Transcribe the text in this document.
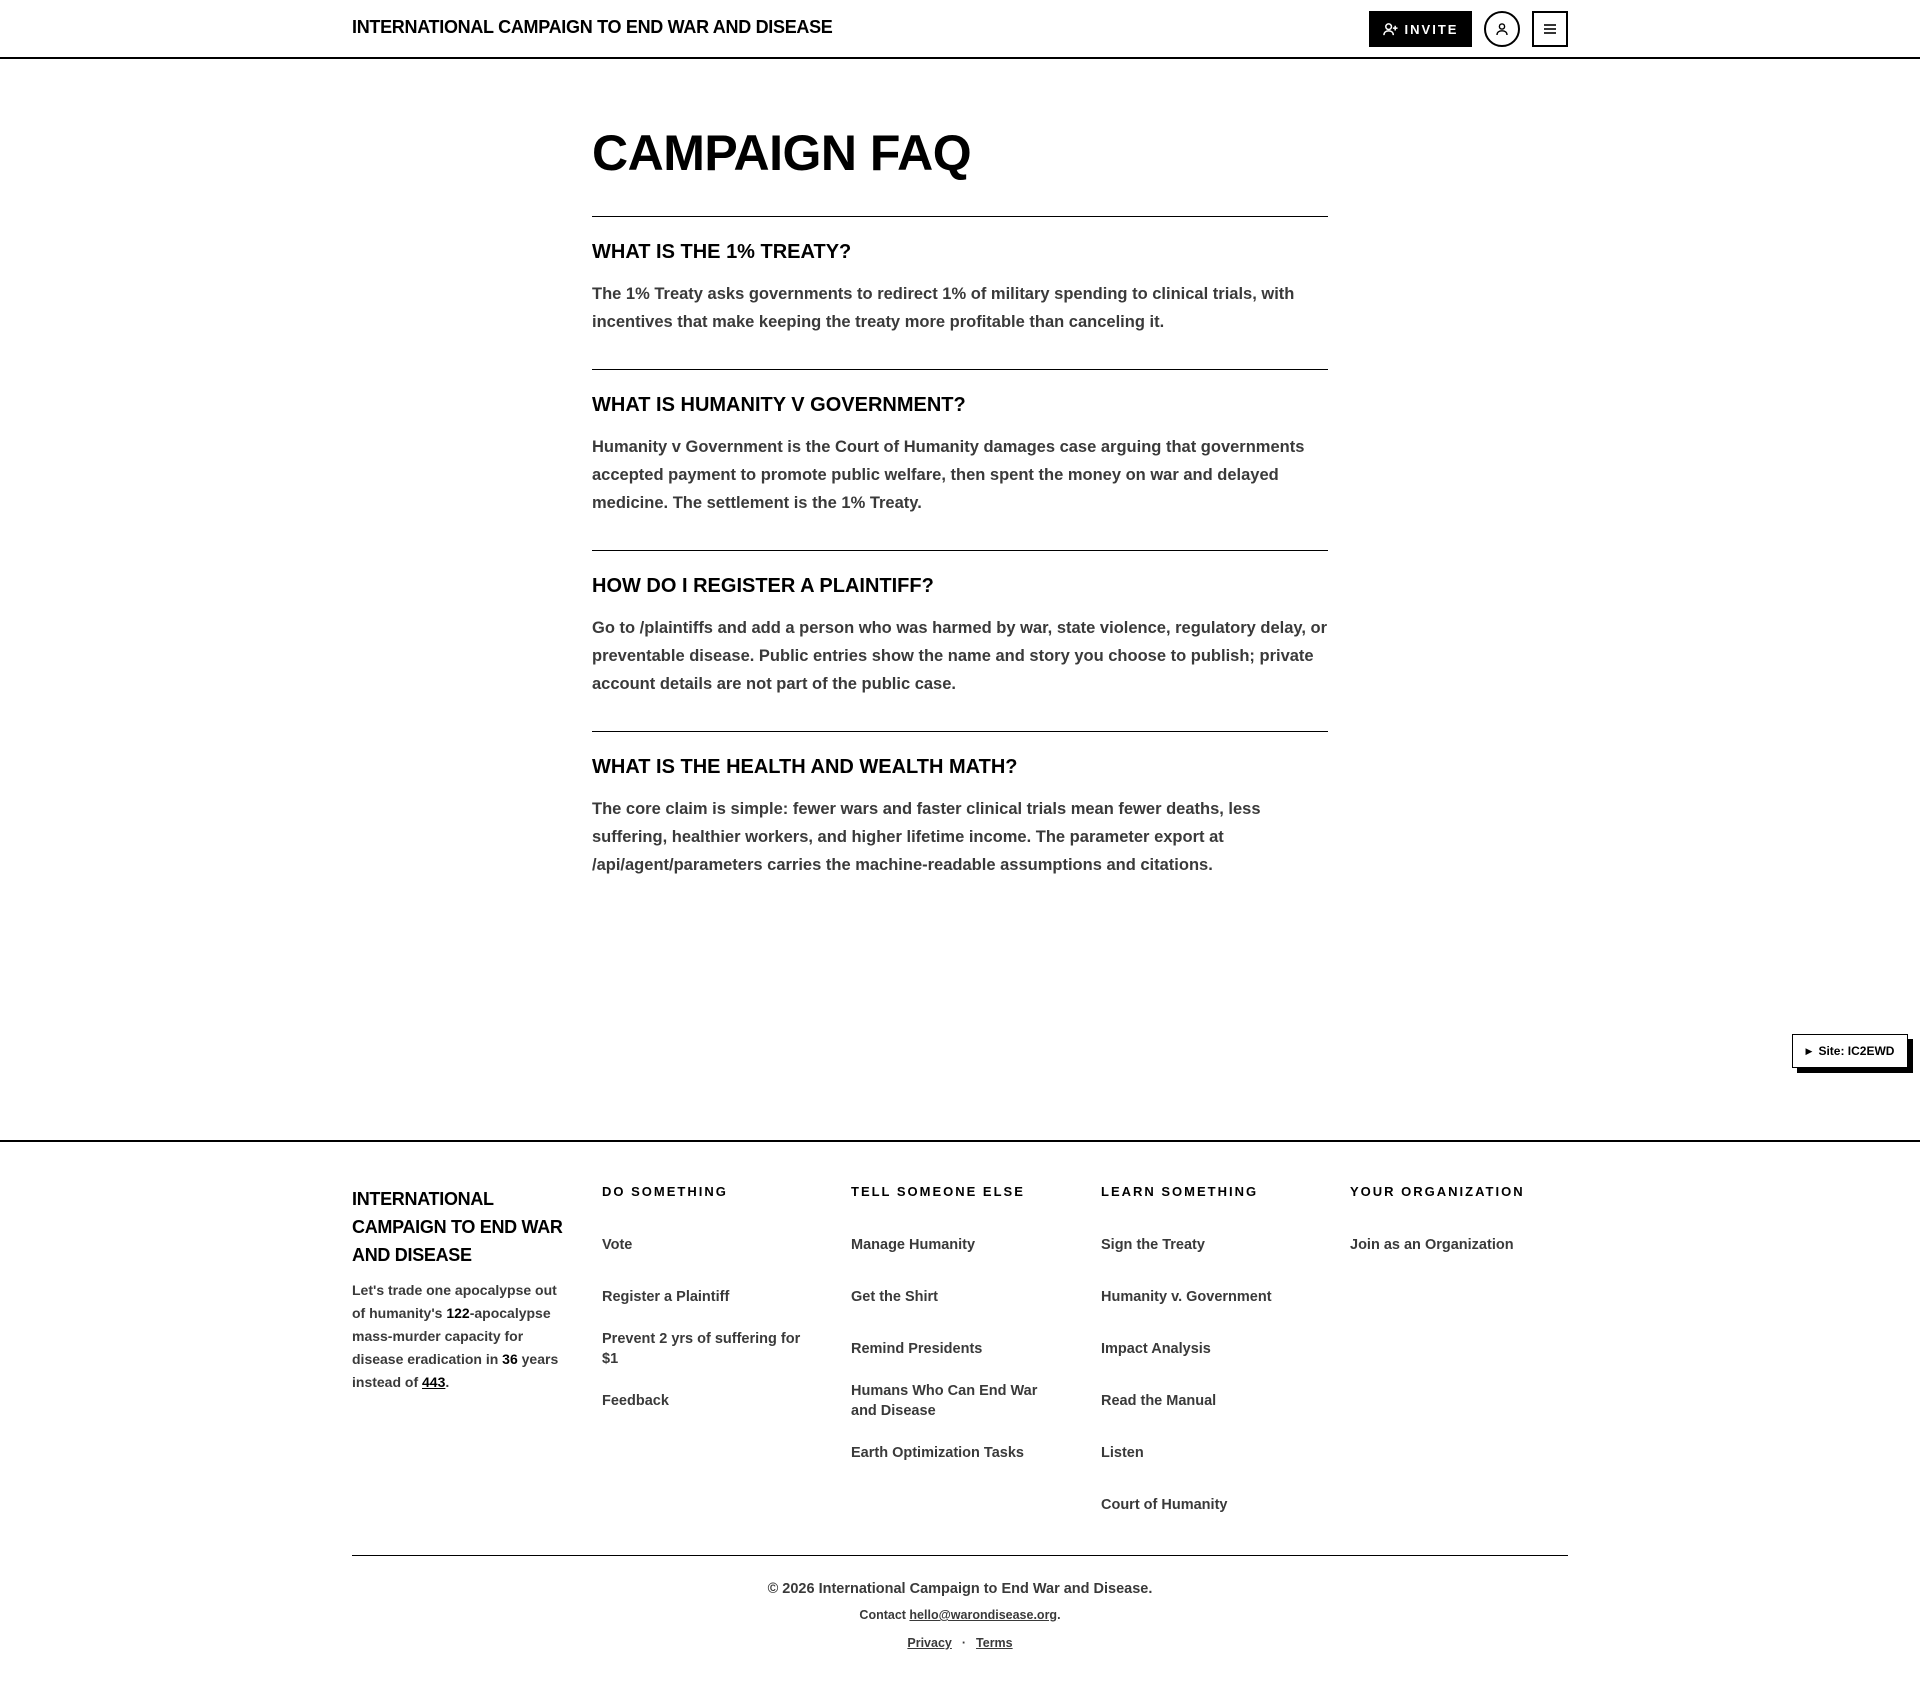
INTERNATIONAL CAMPAIGN TO END WAR AND DISEASE	INVITE
CAMPAIGN FAQ
WHAT IS THE 1% TREATY?

The 1% Treaty asks governments to redirect 1% of military spending to clinical trials, with incentives that make keeping the treaty more profitable than canceling it.

WHAT IS HUMANITY V GOVERNMENT?

Humanity v Government is the Court of Humanity damages case arguing that governments accepted payment to promote public welfare, then spent the money on war and delayed medicine. The settlement is the 1% Treaty.

HOW DO I REGISTER A PLAINTIFF?

Go to /plaintiffs and add a person who was harmed by war, state violence, regulatory delay, or preventable disease. Public entries show the name and story you choose to publish; private account details are not part of the public case.

WHAT IS THE HEALTH AND WEALTH MATH?

The core claim is simple: fewer wars and faster clinical trials mean fewer deaths, less suffering, healthier workers, and higher lifetime income. The parameter export at /api/agent/parameters carries the machine-readable assumptions and citations.

▶ Site: IC2EWD
INTERNATIONAL CAMPAIGN TO END WAR AND DISEASE

Let's trade one apocalypse out of humanity's 122-apocalypse mass-murder capacity for disease eradication in 36 years instead of 443.

DO SOMETHING
Vote
Register a Plaintiff
Prevent 2 yrs of suffering for $1
Feedback
TELL SOMEONE ELSE
Manage Humanity
Get the Shirt
Remind Presidents
Humans Who Can End War and Disease
Earth Optimization Tasks
LEARN SOMETHING
Sign the Treaty
Humanity v. Government
Impact Analysis
Read the Manual
Listen
Court of Humanity
YOUR ORGANIZATION
Join as an Organization
© 2026 International Campaign to End War and Disease.
Contact hello@warondisease.org.
Privacy · Terms
